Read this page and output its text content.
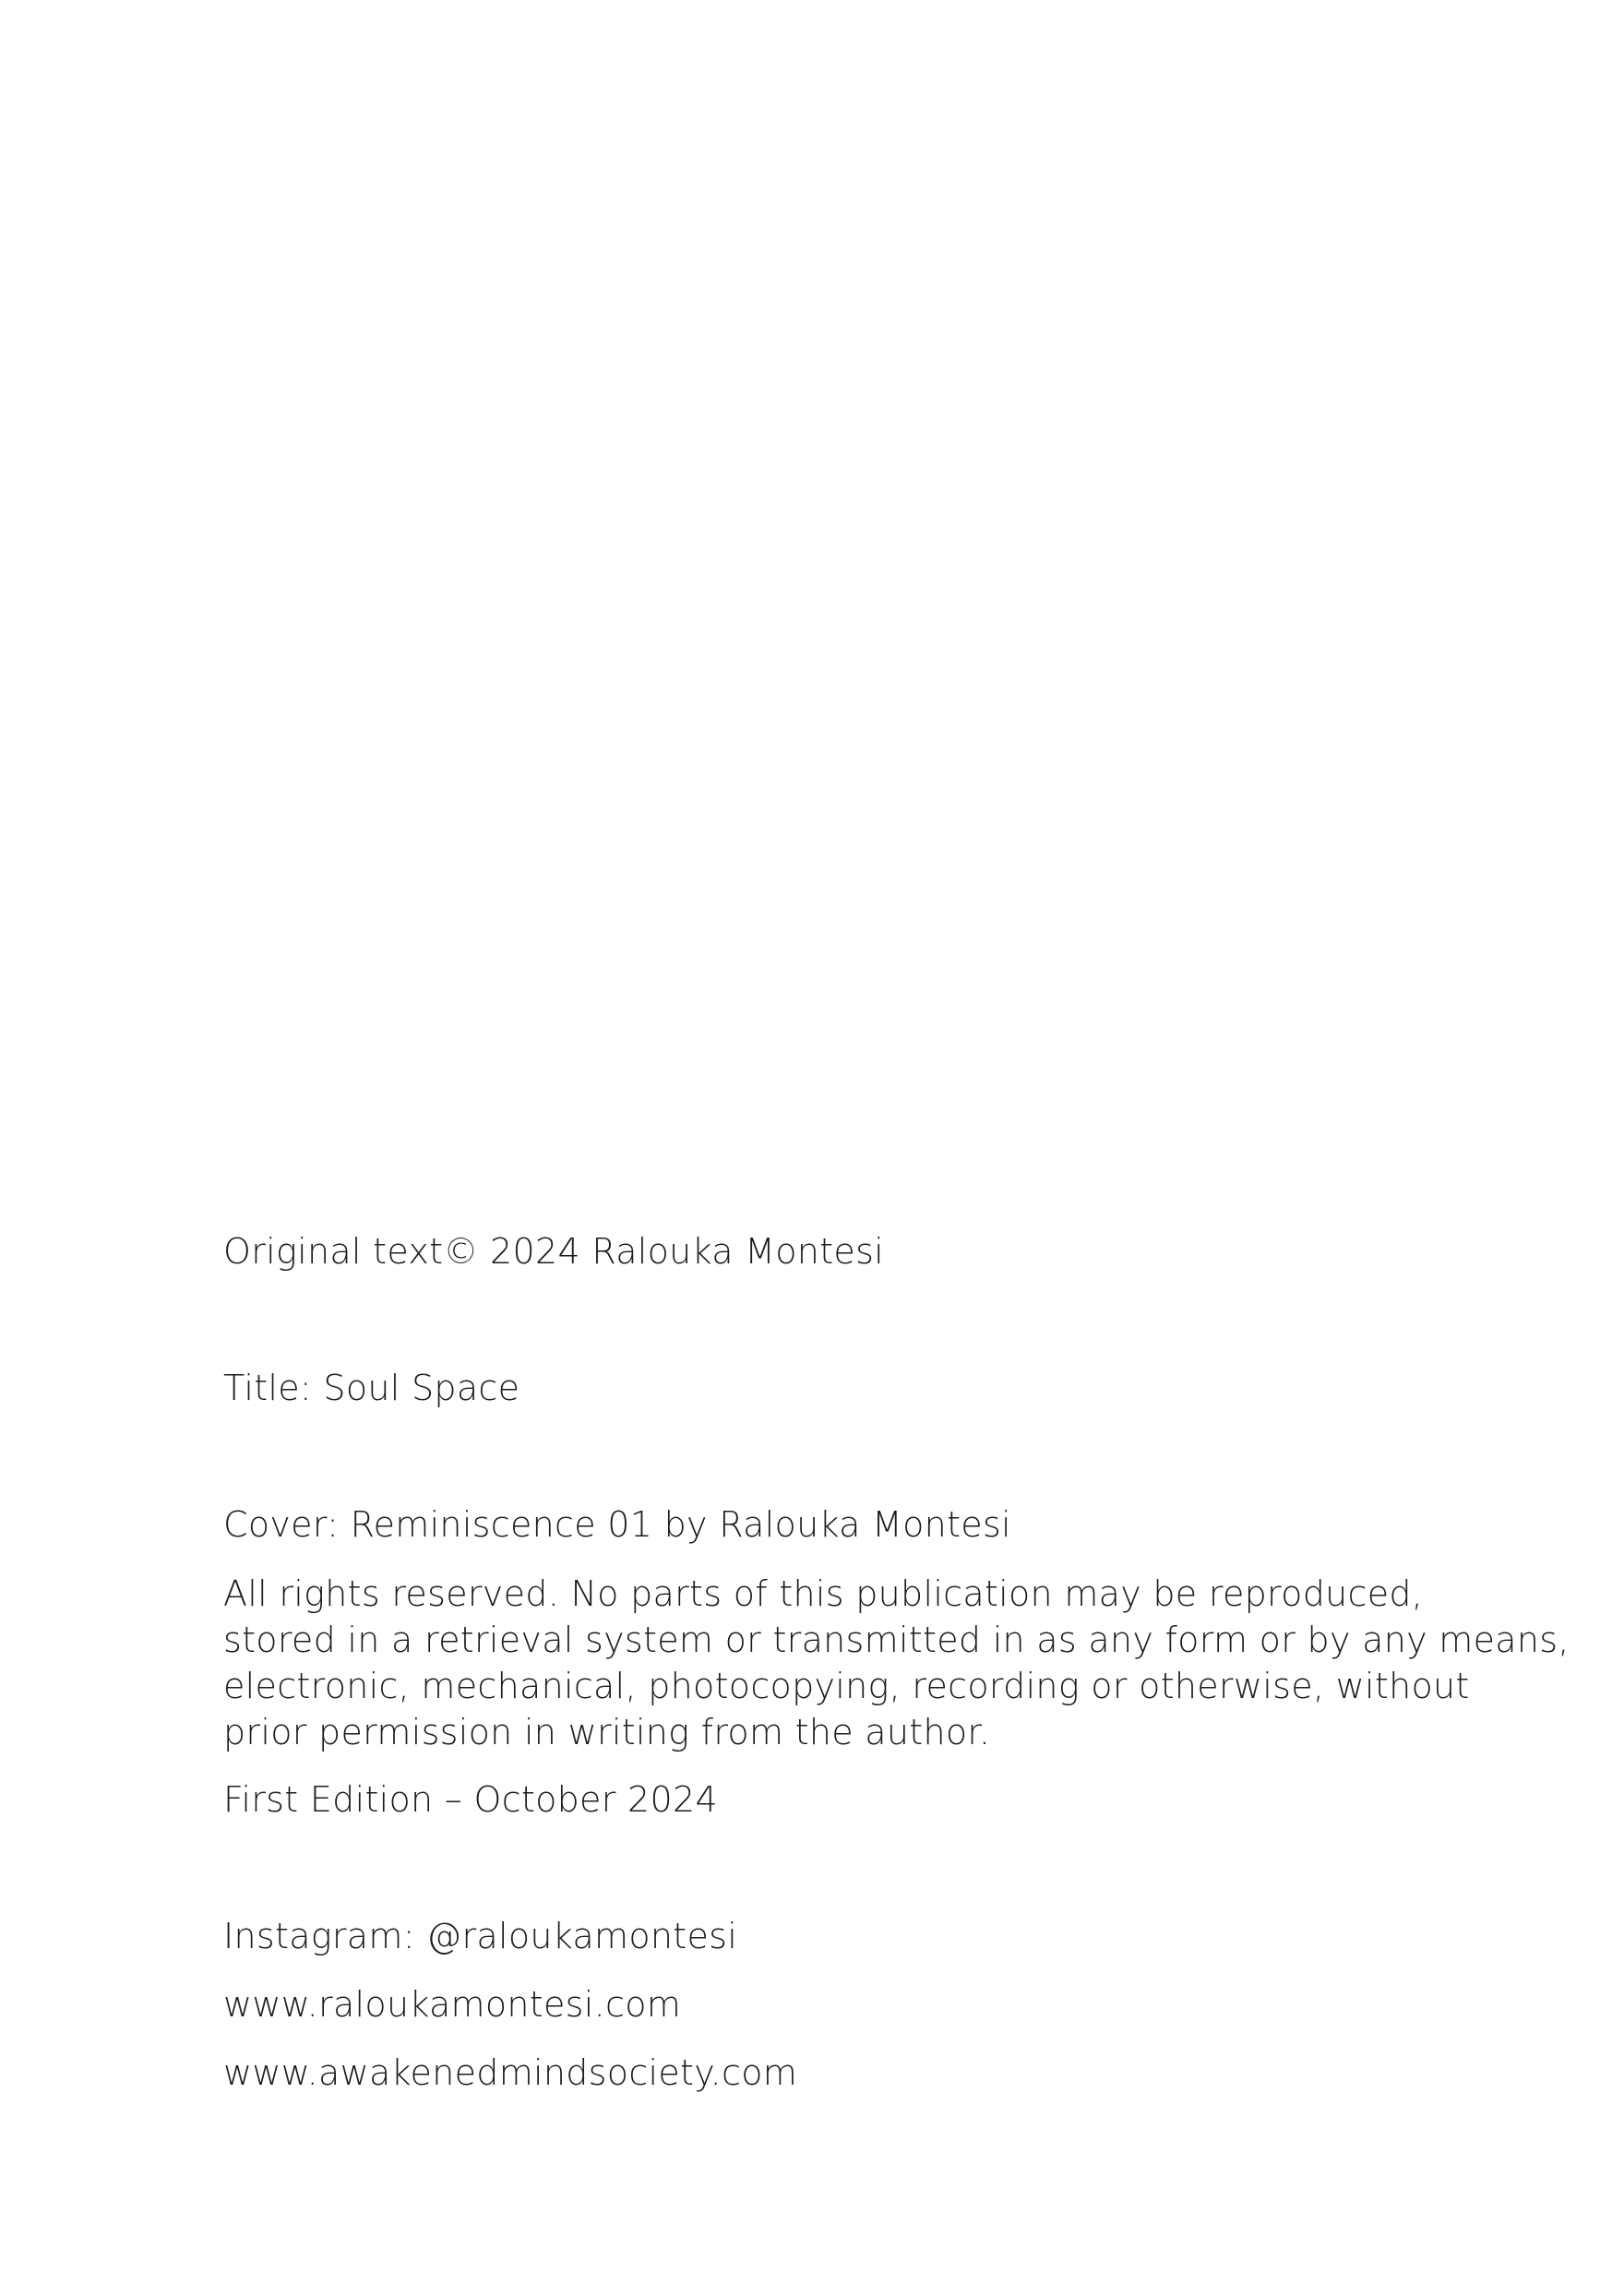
Original text© 2024 Ralouka Montesi
Title: Soul Space
Cover: Reminiscence 01 by Ralouka Montesi
All rights reserved. No parts of this publication may be reproduced,
stored in a retrieval system or transmitted in as any form or by any means,
electronic, mechanical, photocopying, recording or otherwise, without
prior permission in writing from the author.
First Edition – October 2024
Instagram: @raloukamontesi
www.raloukamontesi.com
www.awakenedmindsociety.com
